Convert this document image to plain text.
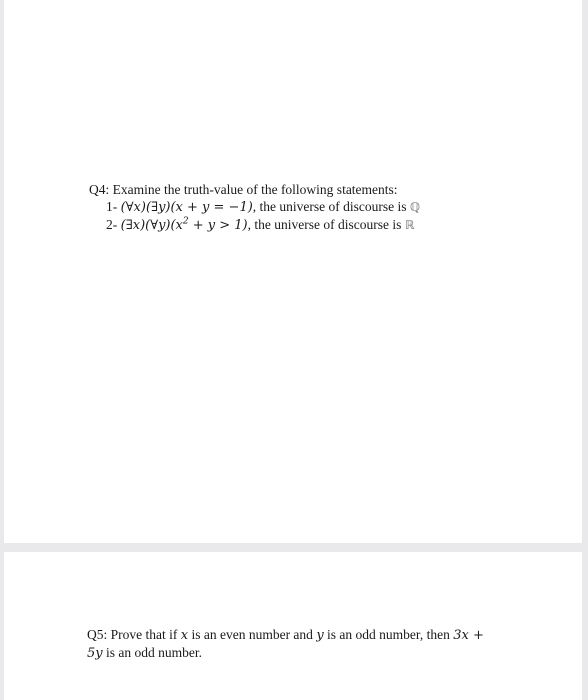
Q4: Examine the truth-value of the following statements:
1- (∀x)(∃y)(x + y = −1), the universe of discourse is ℚ
2- $(\exists x)(\forall y)(x^2 + y > 1)$, the universe of discourse is ℝ
Q5: Prove that if x is an even number and y is an odd number, then 3x +
5y is an odd number.
